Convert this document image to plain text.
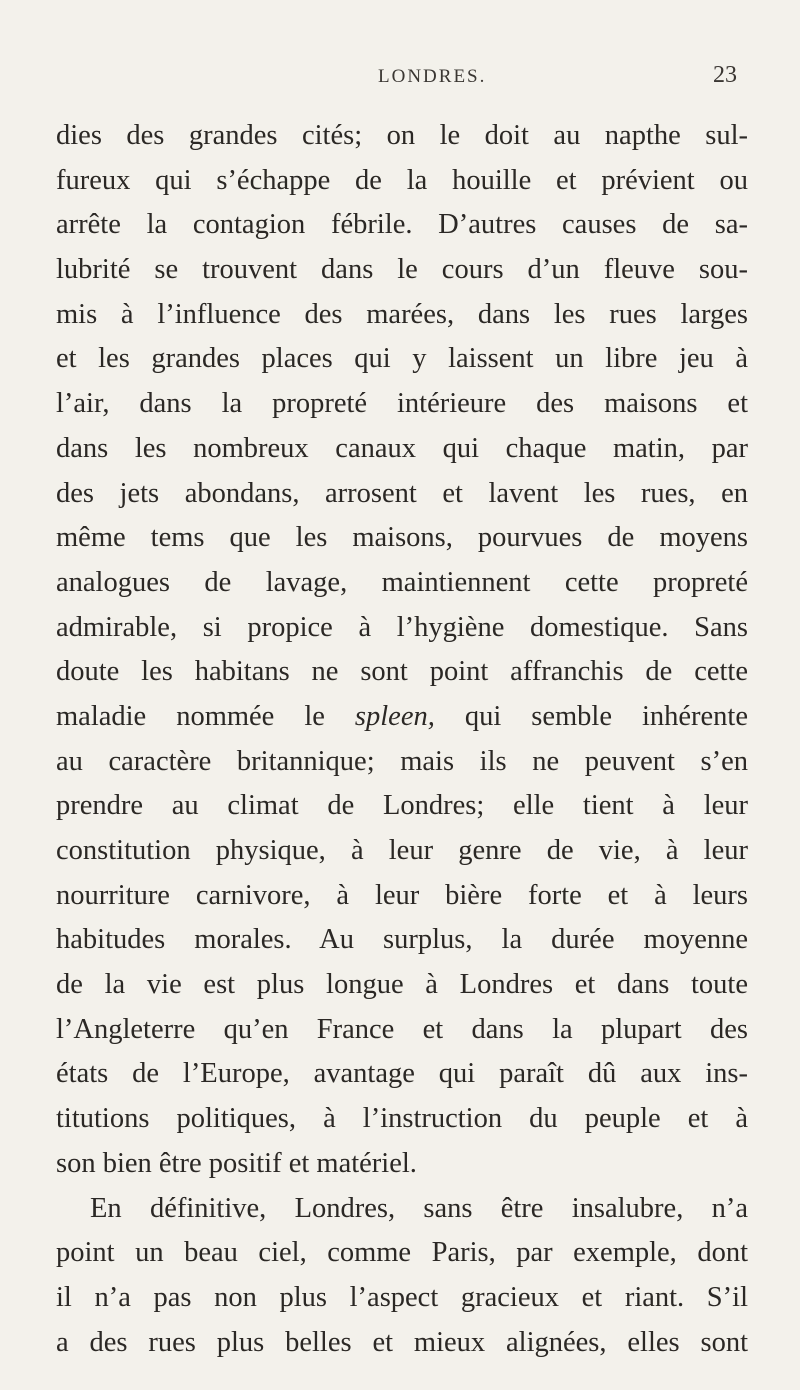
LONDRES.	23
dies des grandes cités; on le doit au napthe sul-
fureux qui s’échappe de la houille et prévient ou
arrête la contagion fébrile. D’autres causes de sa-
lubrité se trouvent dans le cours d’un fleuve sou-
mis à l’influence des marées, dans les rues larges
et les grandes places qui y laissent un libre jeu à
l’air, dans la propreté intérieure des maisons et
dans les nombreux canaux qui chaque matin, par
des jets abondans, arrosent et lavent les rues, en
même tems que les maisons, pourvues de moyens
analogues de lavage, maintiennent cette propreté
admirable, si propice à l’hygiène domestique. Sans
doute les habitans ne sont point affranchis de cette
maladie nommée le spleen, qui semble inhérente
au caractère britannique; mais ils ne peuvent s’en
prendre au climat de Londres; elle tient à leur
constitution physique, à leur genre de vie, à leur
nourriture carnivore, à leur bière forte et à leurs
habitudes morales. Au surplus, la durée moyenne
de la vie est plus longue à Londres et dans toute
l’Angleterre qu’en France et dans la plupart des
états de l’Europe, avantage qui paraît dû aux ins-
titutions politiques, à l’instruction du peuple et à
son bien être positif et matériel.
En définitive, Londres, sans être insalubre, n’a
point un beau ciel, comme Paris, par exemple, dont
il n’a pas non plus l’aspect gracieux et riant. S’il
a des rues plus belles et mieux alignées, elles sont
